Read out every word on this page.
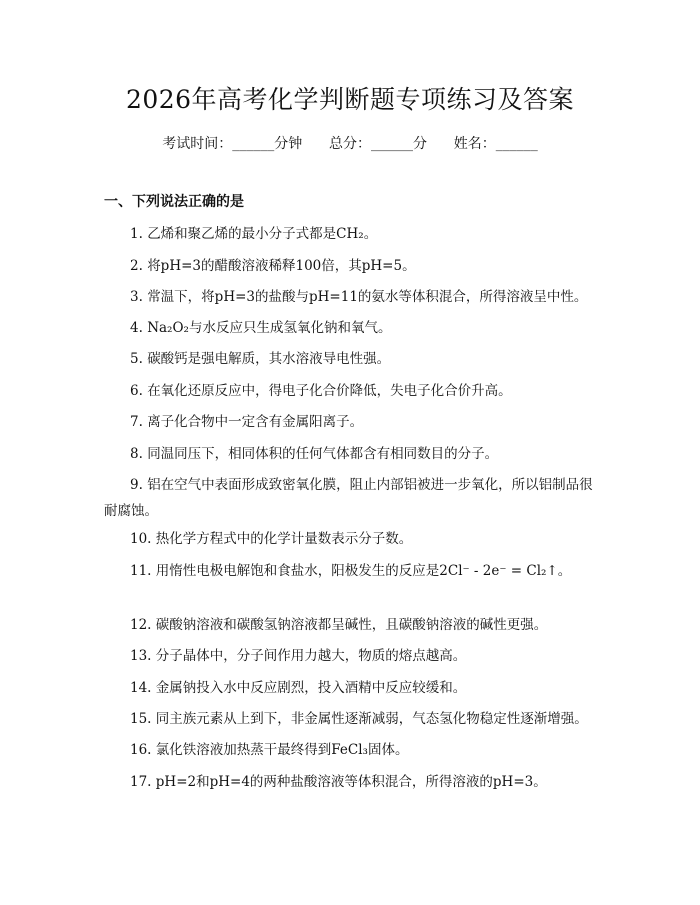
2026年高考化学判断题专项练习及答案
考试时间：______分钟      总分：______分      姓名：______
一、下列说法正确的是
1. 乙烯和聚乙烯的最小分子式都是CH₂。
2. 将pH=3的醋酸溶液稀释100倍，其pH=5。
3. 常温下，将pH=3的盐酸与pH=11的氨水等体积混合，所得溶液呈中性。
4. Na₂O₂与水反应只生成氢氧化钠和氧气。
5. 碳酸钙是强电解质，其水溶液导电性强。
6. 在氧化还原反应中，得电子化合价降低，失电子化合价升高。
7. 离子化合物中一定含有金属阳离子。
8. 同温同压下，相同体积的任何气体都含有相同数目的分子。
9. 铝在空气中表面形成致密氧化膜，阻止内部铝被进一步氧化，所以铝制品很耐腐蚀。
10. 热化学方程式中的化学计量数表示分子数。
11. 用惰性电极电解饱和食盐水，阳极发生的反应是2Cl⁻ - 2e⁻ = Cl₂↑。
12. 碳酸钠溶液和碳酸氢钠溶液都呈碱性，且碳酸钠溶液的碱性更强。
13. 分子晶体中，分子间作用力越大，物质的熔点越高。
14. 金属钠投入水中反应剧烈，投入酒精中反应较缓和。
15. 同主族元素从上到下，非金属性逐渐减弱，气态氢化物稳定性逐渐增强。
16. 氯化铁溶液加热蒸干最终得到FeCl₃固体。
17. pH=2和pH=4的两种盐酸溶液等体积混合，所得溶液的pH=3。
